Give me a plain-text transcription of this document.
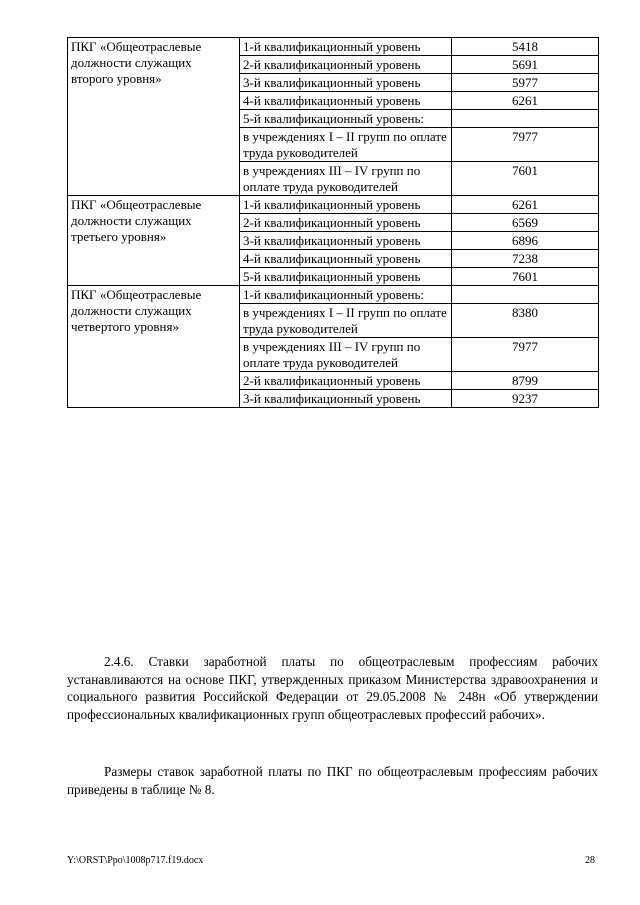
ПКГ «Общеотраслевые должности служащих второго уровня»	1-й квалификационный уровень	5418
	2-й квалификационный уровень	5691
	3-й квалификационный уровень	5977
	4-й квалификационный уровень	6261
	5-й квалификационный уровень:	
	в учреждениях I – II групп по оплате труда руководителей	7977
	в учреждениях III – IV групп по оплате труда руководителей	7601
ПКГ «Общеотраслевые должности служащих третьего уровня»	1-й квалификационный уровень	6261
	2-й квалификационный уровень	6569
	3-й квалификационный уровень	6896
	4-й квалификационный уровень	7238
	5-й квалификационный уровень	7601
ПКГ «Общеотраслевые должности служащих четвертого уровня»	1-й квалификационный уровень:	
	в учреждениях I – II групп по оплате труда руководителей	8380
	в учреждениях III – IV групп по оплате труда руководителей	7977
	2-й квалификационный уровень	8799
	3-й квалификационный уровень	9237

2.4.6. Ставки заработной платы по общеотраслевым профессиям рабочих устанавливаются на основе ПКГ, утвержденных приказом Министерства здравоохранения и социального развития Российской Федерации от 29.05.2008 № 248н «Об утверждении профессиональных квалификационных групп общеотраслевых профессий рабочих».

Размеры ставок заработной платы по ПКГ по общеотраслевым профессиям рабочих приведены в таблице № 8.

Y:\ORST\Ppo\1008p717.f19.docx	28
